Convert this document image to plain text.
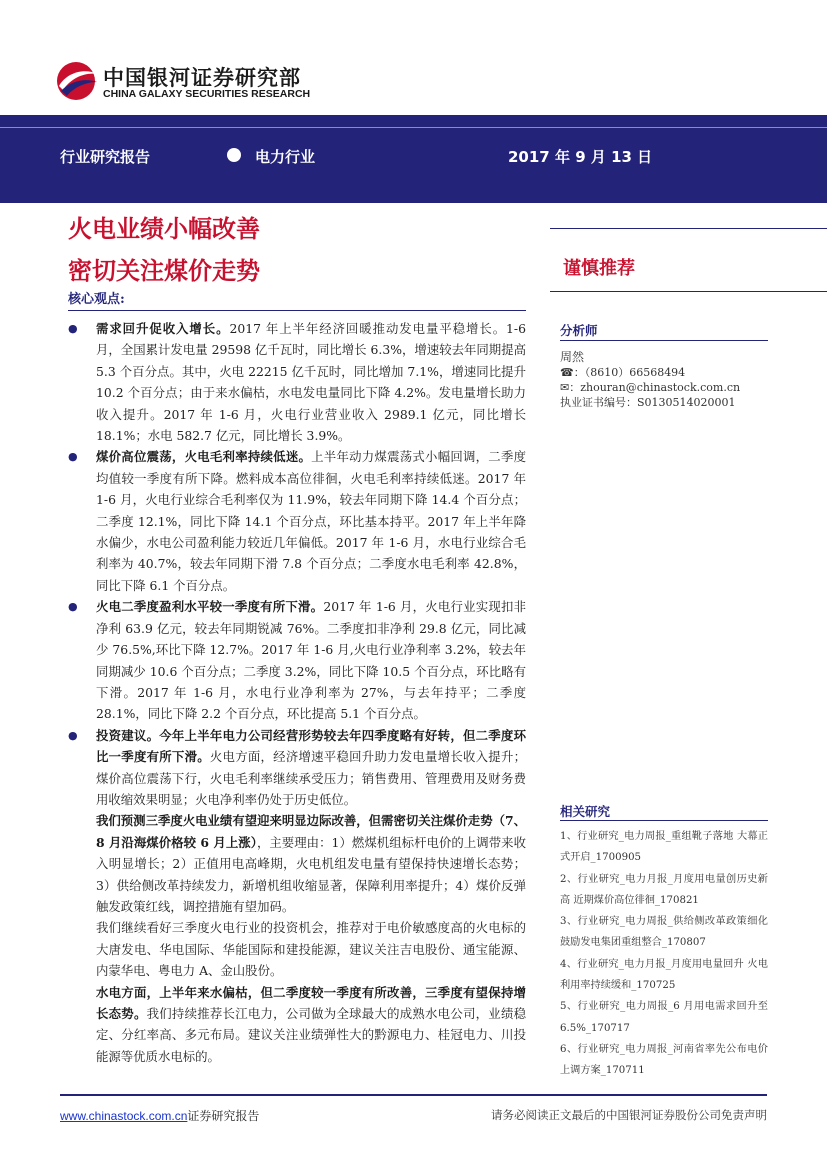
中国银河证券研究部
CHINA GALAXY SECURITIES RESEARCH
行业研究报告	电力行业	2017 年 9 月 13 日
火电业绩小幅改善
密切关注煤价走势	谨慎推荐
核心观点:

● 需求回升促收入增长。2017 年上半年经济回暖推动发电量平稳增长。1-6 月，全国累计发电量 29598 亿千瓦时，同比增长 6.3%，增速较去年同期提高 5.3 个百分点。其中，火电 22215 亿千瓦时，同比增加 7.1%，增速同比提升 10.2 个百分点；由于来水偏枯，水电发电量同比下降 4.2%。发电量增长助力收入提升。2017 年 1-6 月，火电行业营业收入 2989.1 亿元，同比增长 18.1%；水电 582.7 亿元，同比增长 3.9%。

● 煤价高位震荡，火电毛利率持续低迷。上半年动力煤震荡式小幅回调，二季度均值较一季度有所下降。燃料成本高位徘徊，火电毛利率持续低迷。2017 年 1-6 月，火电行业综合毛利率仅为 11.9%，较去年同期下降 14.4 个百分点；二季度 12.1%，同比下降 14.1 个百分点，环比基本持平。2017 年上半年降水偏少，水电公司盈利能力较近几年偏低。2017 年 1-6 月，水电行业综合毛利率为 40.7%，较去年同期下滑 7.8 个百分点；二季度水电毛利率 42.8%，同比下降 6.1 个百分点。

● 火电二季度盈利水平较一季度有所下滑。2017 年 1-6 月，火电行业实现扣非净利 63.9 亿元，较去年同期锐减 76%。二季度扣非净利 29.8 亿元，同比减少 76.5%,环比下降 12.7%。2017 年 1-6 月,火电行业净利率 3.2%，较去年同期减少 10.6 个百分点；二季度 3.2%，同比下降 10.5 个百分点，环比略有下滑。2017 年 1-6 月，水电行业净利率为 27%，与去年持平；二季度 28.1%，同比下降 2.2 个百分点，环比提高 5.1 个百分点。

● 投资建议。今年上半年电力公司经营形势较去年四季度略有好转，但二季度环比一季度有所下滑。火电方面，经济增速平稳回升助力发电量增长收入提升；煤价高位震荡下行，火电毛利率继续承受压力；销售费用、管理费用及财务费用收缩效果明显；火电净利率仍处于历史低位。

我们预测三季度火电业绩有望迎来明显边际改善，但需密切关注煤价走势（7、8 月沿海煤价格较 6 月上涨），主要理由：1）燃煤机组标杆电价的上调带来收入明显增长；2）正值用电高峰期，火电机组发电量有望保持快速增长态势；3）供给侧改革持续发力，新增机组收缩显著，保障利用率提升；4）煤价反弹触发政策红线，调控措施有望加码。

我们继续看好三季度火电行业的投资机会，推荐对于电价敏感度高的火电标的大唐发电、华电国际、华能国际和建投能源，建议关注吉电股份、通宝能源、内蒙华电、粤电力 A、金山股份。

水电方面，上半年来水偏枯，但二季度较一季度有所改善，三季度有望保持增长态势。我们持续推荐长江电力，公司做为全球最大的成熟水电公司，业绩稳定、分红率高、多元布局。建议关注业绩弹性大的黔源电力、桂冠电力、川投能源等优质水电标的。

分析师
周然
☎：（8610）66568494
✉：zhouran@chinastock.com.cn
执业证书编号：S0130514020001
相关研究
1、行业研究_电力周报_重组靴子落地 大幕正式开启_1700905
2、行业研究_电力月报_月度用电量创历史新高 近期煤价高位徘徊_170821
3、行业研究_电力周报_供给侧改革政策细化 鼓励发电集团重组整合_170807
4、行业研究_电力月报_月度用电量回升 火电利用率持续缓和_170725
5、行业研究_电力周报_6 月用电需求回升至 6.5%_170717
6、行业研究_电力周报_河南省率先公布电价上调方案_170711
www.chinastock.com.cn证券研究报告	请务必阅读正文最后的中国银河证券股份公司免责声明
